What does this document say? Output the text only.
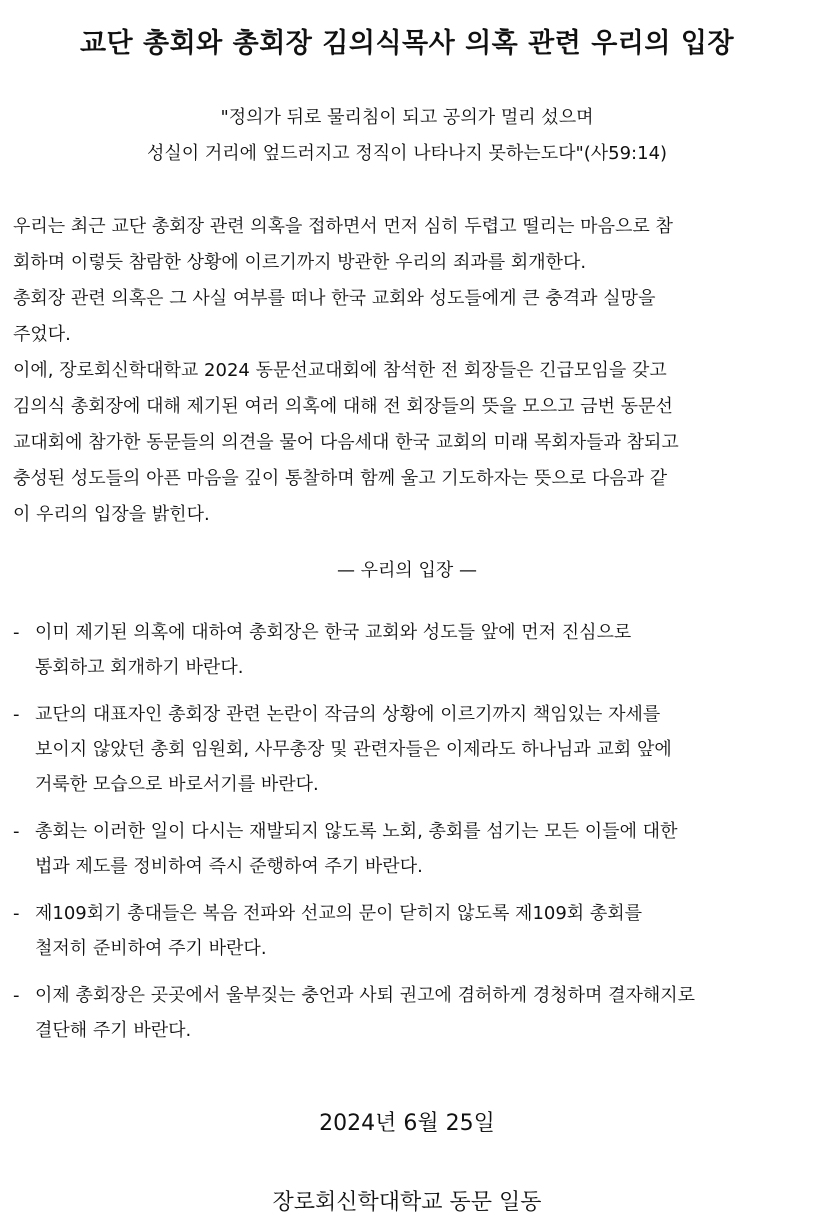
교단 총회와 총회장 김의식목사 의혹 관련 우리의 입장
"정의가 뒤로 물리침이 되고 공의가 멀리 섰으며
성실이 거리에 엎드러지고 정직이 나타나지 못하는도다"(사59:14)
우리는 최근 교단 총회장 관련 의혹을 접하면서 먼저 심히 두렵고 떨리는 마음으로 참
회하며 이렇듯 참람한 상황에 이르기까지 방관한 우리의 죄과를 회개한다.
총회장 관련 의혹은 그 사실 여부를 떠나 한국 교회와 성도들에게 큰 충격과 실망을
주었다.
이에, 장로회신학대학교 2024 동문선교대회에 참석한 전 회장들은 긴급모임을 갖고
김의식 총회장에 대해 제기된 여러 의혹에 대해 전 회장들의 뜻을 모으고 금번 동문선
교대회에 참가한 동문들의 의견을 물어 다음세대 한국 교회의 미래 목회자들과 참되고
충성된 성도들의 아픈 마음을 깊이 통찰하며 함께 울고 기도하자는 뜻으로 다음과 같
이 우리의 입장을 밝힌다.
— 우리의 입장 —
- 이미 제기된 의혹에 대하여 총회장은 한국 교회와 성도들 앞에 먼저 진심으로
통회하고 회개하기 바란다.
- 교단의 대표자인 총회장 관련 논란이 작금의 상황에 이르기까지 책임있는 자세를
보이지 않았던 총회 임원회, 사무총장 및 관련자들은 이제라도 하나님과 교회 앞에
거룩한 모습으로 바로서기를 바란다.
- 총회는 이러한 일이 다시는 재발되지 않도록 노회, 총회를 섬기는 모든 이들에 대한
법과 제도를 정비하여 즉시 준행하여 주기 바란다.
- 제109회기 총대들은 복음 전파와 선교의 문이 닫히지 않도록 제109회 총회를
철저히 준비하여 주기 바란다.
- 이제 총회장은 곳곳에서 울부짖는 충언과 사퇴 권고에 겸허하게 경청하며 결자해지로
결단해 주기 바란다.
2024년 6월 25일
장로회신학대학교 동문 일동
